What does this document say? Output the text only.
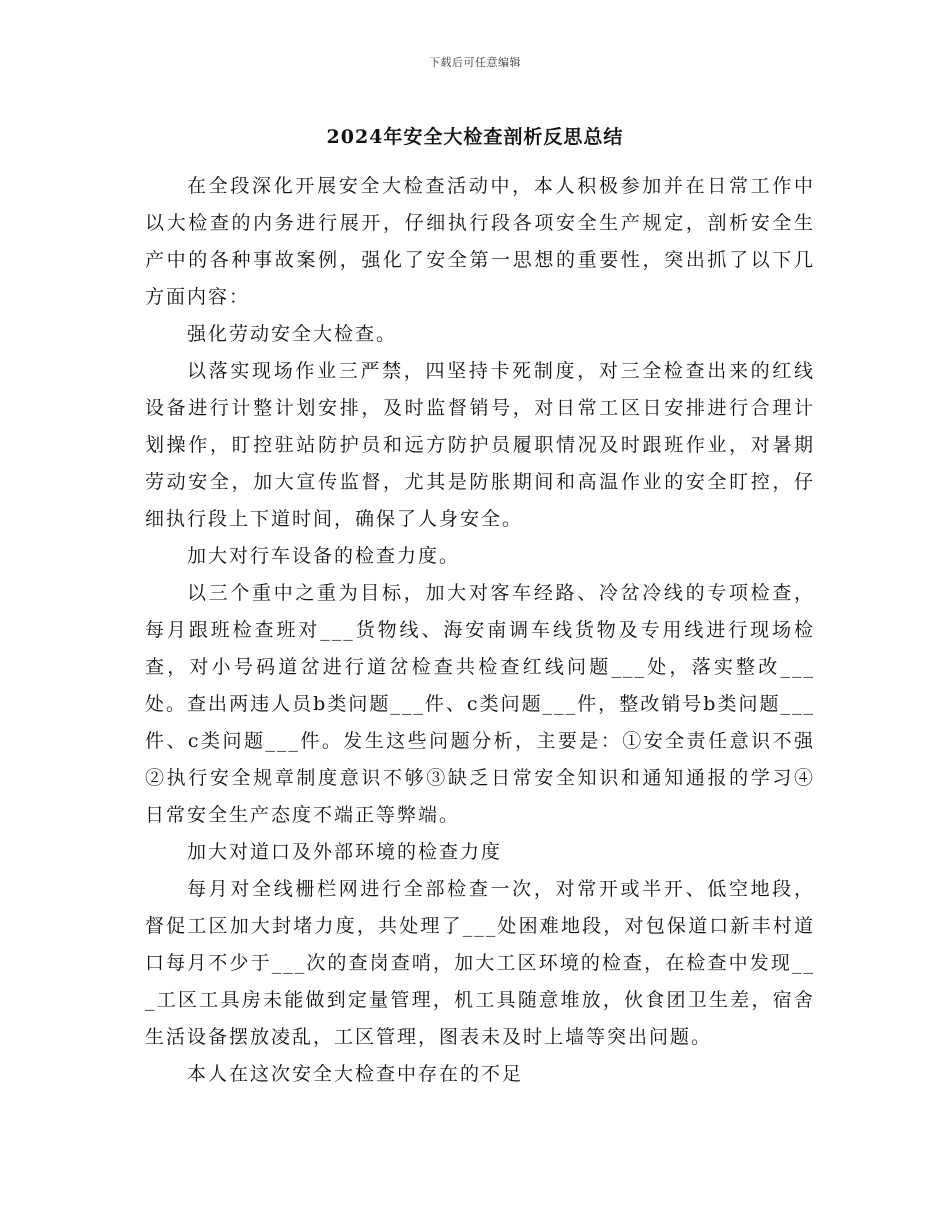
下载后可任意编辑
2024年安全大检查剖析反思总结

在全段深化开展安全大检查活动中，本人积极参加并在日常工作中以大检查的内务进行展开，仔细执行段各项安全生产规定，剖析安全生产中的各种事故案例，强化了安全第一思想的重要性，突出抓了以下几方面内容：

强化劳动安全大检查。

以落实现场作业三严禁，四坚持卡死制度，对三全检查出来的红线设备进行计整计划安排，及时监督销号，对日常工区日安排进行合理计划操作，盯控驻站防护员和远方防护员履职情况及时跟班作业，对暑期劳动安全，加大宣传监督，尤其是防胀期间和高温作业的安全盯控，仔细执行段上下道时间，确保了人身安全。

加大对行车设备的检查力度。

以三个重中之重为目标，加大对客车经路、冷岔冷线的专项检查，每月跟班检查班对___货物线、海安南调车线货物及专用线进行现场检查，对小号码道岔进行道岔检查共检查红线问题___处，落实整改___处。查出两违人员b类问题___件、c类问题___件，整改销号b类问题___件、c类问题___件。发生这些问题分析，主要是：①安全责任意识不强②执行安全规章制度意识不够③缺乏日常安全知识和通知通报的学习④日常安全生产态度不端正等弊端。

加大对道口及外部环境的检查力度

每月对全线栅栏网进行全部检查一次，对常开或半开、低空地段，督促工区加大封堵力度，共处理了___处困难地段，对包保道口新丰村道口每月不少于___次的查岗查哨，加大工区环境的检查，在检查中发现___工区工具房未能做到定量管理，机工具随意堆放，伙食团卫生差，宿舍生活设备摆放凌乱，工区管理，图表未及时上墙等突出问题。

本人在这次安全大检查中存在的不足
